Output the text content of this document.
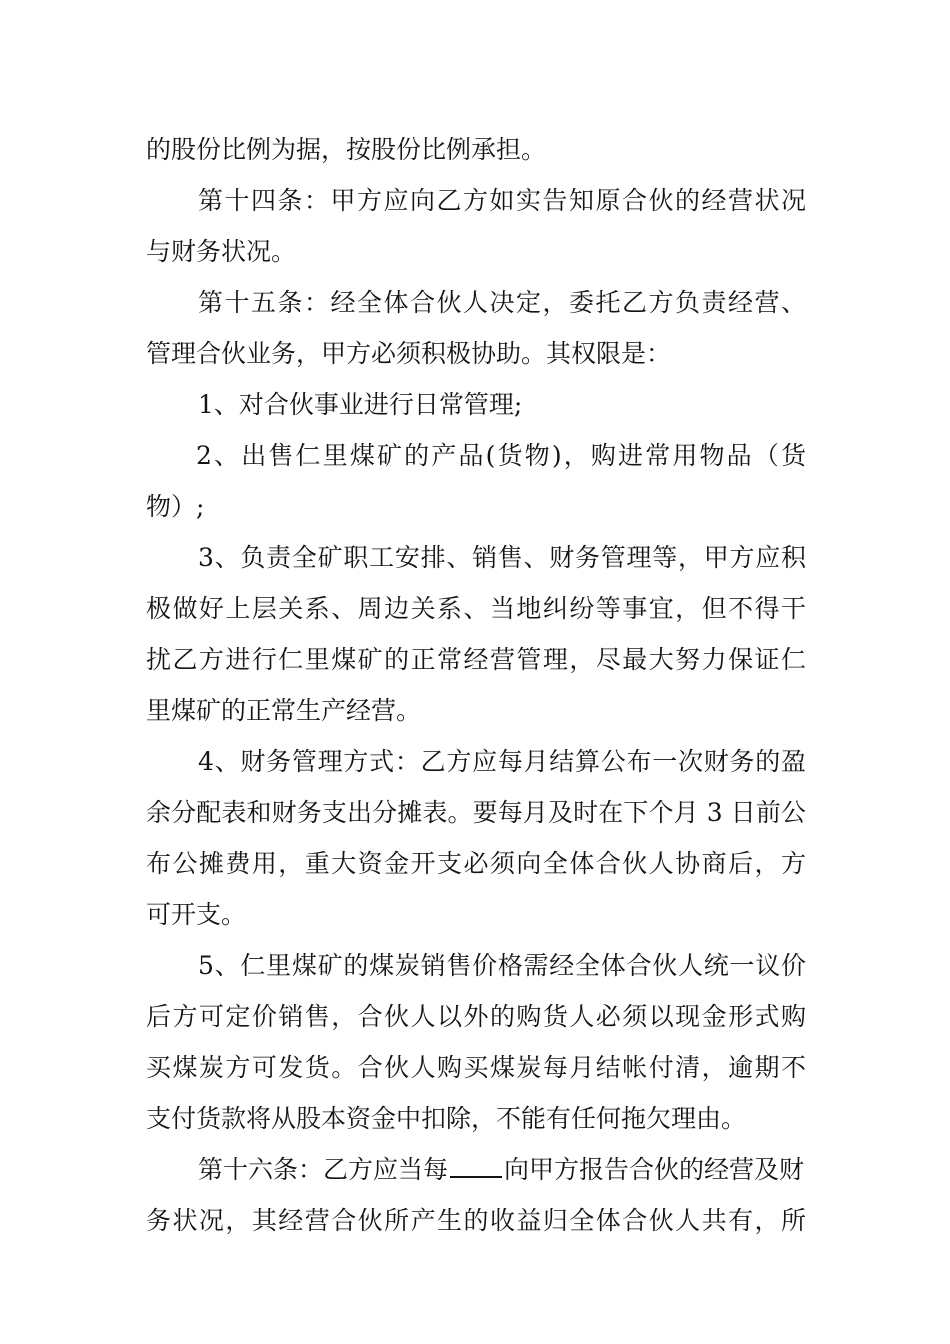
的股份比例为据，按股份比例承担。
第十四条：甲方应向乙方如实告知原合伙的经营状况
与财务状况。
第十五条：经全体合伙人决定，委托乙方负责经营、
管理合伙业务，甲方必须积极协助。其权限是：
1、对合伙事业进行日常管理;
2、出售仁里煤矿的产品(货物)，购进常用物品（货
物）;
3、负责全矿职工安排、销售、财务管理等，甲方应积
极做好上层关系、周边关系、当地纠纷等事宜，但不得干
扰乙方进行仁里煤矿的正常经营管理，尽最大努力保证仁
里煤矿的正常生产经营。
4、财务管理方式：乙方应每月结算公布一次财务的盈
余分配表和财务支出分摊表。要每月及时在下个月 3 日前公
布公摊费用，重大资金开支必须向全体合伙人协商后，方
可开支。
5、仁里煤矿的煤炭销售价格需经全体合伙人统一议价
后方可定价销售，合伙人以外的购货人必须以现金形式购
买煤炭方可发货。合伙人购买煤炭每月结帐付清，逾期不
支付货款将从股本资金中扣除，不能有任何拖欠理由。
第十六条：乙方应当每 向甲方报告合伙的经营及财
务状况，其经营合伙所产生的收益归全体合伙人共有，所
